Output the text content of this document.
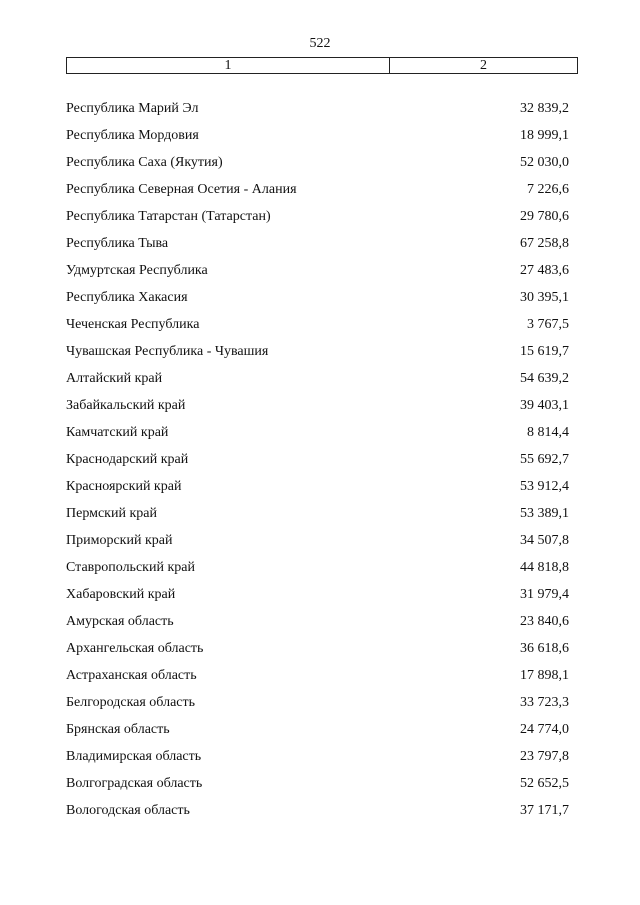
522
1	2
Республика Марий Эл	32 839,2
Республика Мордовия	18 999,1
Республика Саха (Якутия)	52 030,0
Республика Северная Осетия - Алания	7 226,6
Республика Татарстан (Татарстан)	29 780,6
Республика Тыва	67 258,8
Удмуртская Республика	27 483,6
Республика Хакасия	30 395,1
Чеченская Республика	3 767,5
Чувашская Республика - Чувашия	15 619,7
Алтайский край	54 639,2
Забайкальский край	39 403,1
Камчатский край	8 814,4
Краснодарский край	55 692,7
Красноярский край	53 912,4
Пермский край	53 389,1
Приморский край	34 507,8
Ставропольский край	44 818,8
Хабаровский край	31 979,4
Амурская область	23 840,6
Архангельская область	36 618,6
Астраханская область	17 898,1
Белгородская область	33 723,3
Брянская область	24 774,0
Владимирская область	23 797,8
Волгоградская область	52 652,5
Вологодская область	37 171,7
